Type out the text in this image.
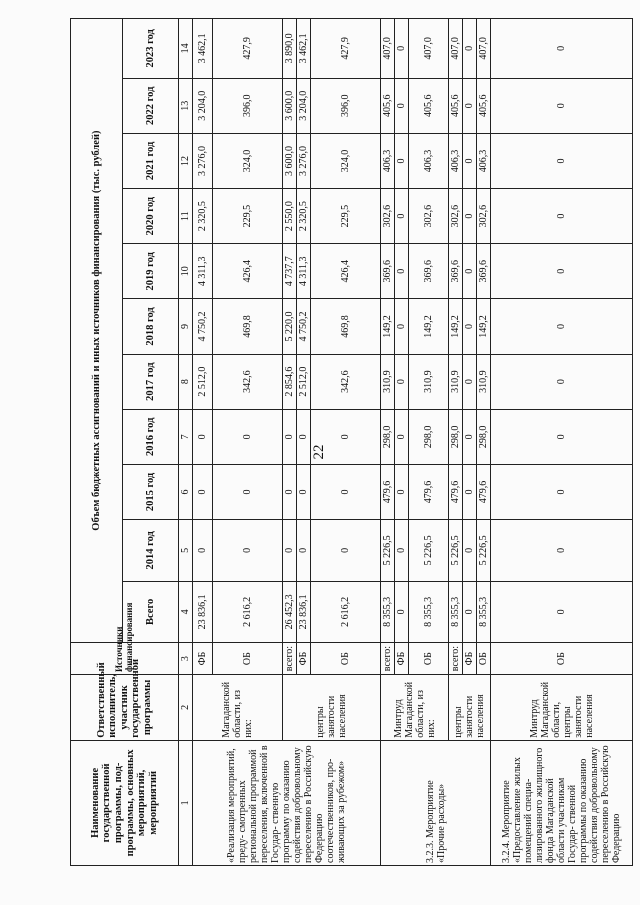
22
Наименование государственной программы, под- программы, основных мероприятий, мероприятий	Ответственный исполнитель, участник государственной программы	Источники финансирования	Объем бюджетных ассигнований и иных источников финансирования (тыс. рублей)										
			Всего	2014 год	2015 год	2016 год	2017 год	2018 год	2019 год	2020 год	2021 год	2022 год	2023 год
1	2	3	4	5	6	7	8	9	10	11	12	13	14
«Реализация мероприятий, преду- смотренных региональной программой переселения, включенной в Государ- ственную программу по оказанию содействия добровольному переселению в Российскую Федерацию соотечественников, про- живающих за рубежом»	Магаданской области, из них:	ФБ	23 836,1	0	0	0	2 512,0	4 750,2	4 311,3	2 320,5	3 276,0	3 204,0	3 462,1
		ОБ	2 616,2	0	0	0	342,6	469,8	426,4	229,5	324,0	396,0	427,9
	центры занятости населения	всего:	26 452,3	0	0	0	2 854,6	5 220,0	4 737,7	2 550,0	3 600,0	3 600,0	3 890,0
		ФБ	23 836,1	0	0	0	2 512,0	4 750,2	4 311,3	2 320,5	3 276,0	3 204,0	3 462,1
		ОБ	2 616,2	0	0	0	342,6	469,8	426,4	229,5	324,0	396,0	427,9
3.2.3. Мероприятие «Прочие расходы»	Минтруд Магаданской области, из них:	всего:	8 355,3	5 226,5	479,6	298,0	310,9	149,2	369,6	302,6	406,3	405,6	407,0
		ФБ	0	0	0	0	0	0	0	0	0	0	0
		ОБ	8 355,3	5 226,5	479,6	298,0	310,9	149,2	369,6	302,6	406,3	405,6	407,0
	центры занятости населения	всего:	8 355,3	5 226,5	479,6	298,0	310,9	149,2	369,6	302,6	406,3	405,6	407,0
		ФБ	0	0	0	0	0	0	0	0	0	0	0
		ОБ	8 355,3	5 226,5	479,6	298,0	310,9	149,2	369,6	302,6	406,3	405,6	407,0
3.2.4. Мероприятие «Предоставление жилых помещений специа- лизированного жилищного фонда Магаданской области участникам Государ- ственной программы по оказанию содействия добровольному переселению в Российскую Федерацию	Минтруд Магаданской области, центры занятости населения	ОБ	0	0	0	0	0	0	0	0	0	0	0
